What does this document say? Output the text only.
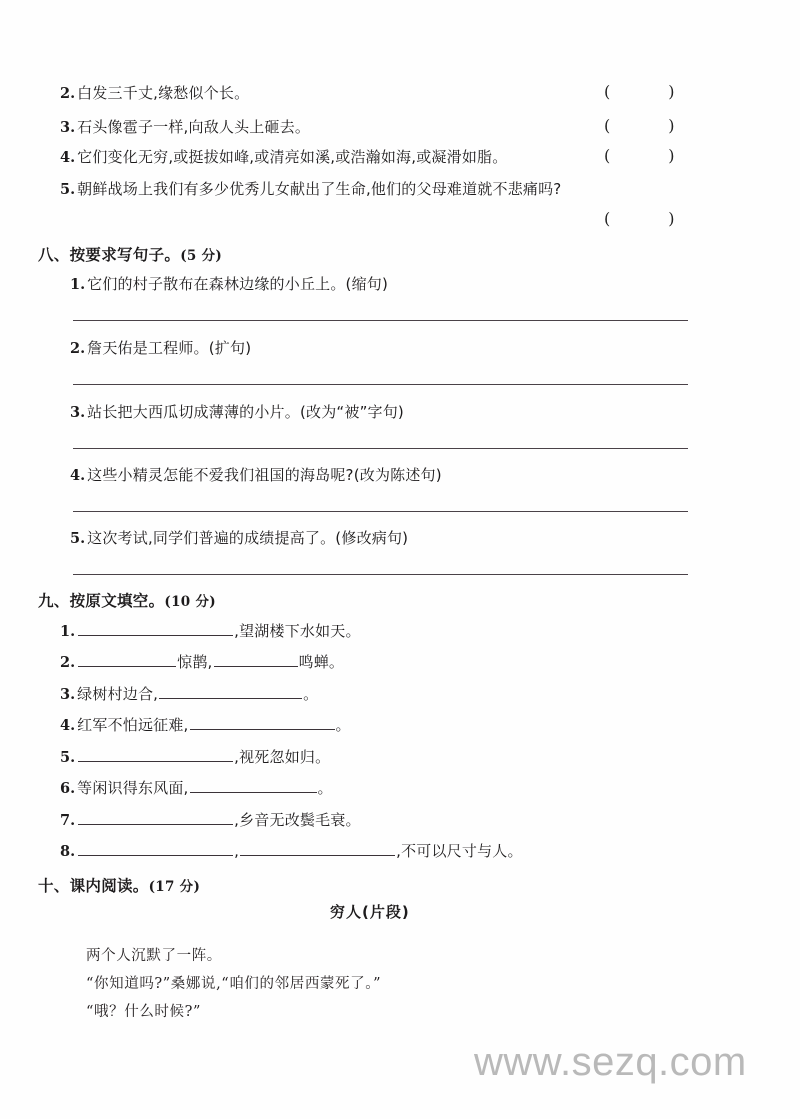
2. 白发三千丈,缘愁似个长。	(	)
3. 石头像雹子一样,向敌人头上砸去。	(	)
4. 它们变化无穷,或挺拔如峰,或清亮如溪,或浩瀚如海,或凝滑如脂。	(	)
5. 朝鲜战场上我们有多少优秀儿女献出了生命,他们的父母难道就不悲痛吗?
(	)
八、按要求写句子。(5 分)
1. 它们的村子散布在森林边缘的小丘上。(缩句)
2. 詹天佑是工程师。(扩句)
3. 站长把大西瓜切成薄薄的小片。(改为“被”字句)
4. 这些小精灵怎能不爱我们祖国的海岛呢?(改为陈述句)
5. 这次考试,同学们普遍的成绩提高了。(修改病句)
九、按原文填空。(10 分)
1.	,望湖楼下水如天。
2.	惊鹊,	鸣蝉。
3. 绿树村边合,	。
4. 红军不怕远征难,	。
5.	,视死忽如归。
6. 等闲识得东风面,	。
7.	,乡音无改鬓毛衰。
8.	,	,不可以尺寸与人。
十、课内阅读。(17 分)
穷人(片段)
两个人沉默了一阵。
“你知道吗?”桑娜说,“咱们的邻居西蒙死了。”
“哦？什么时候?”
www.sezq.com
